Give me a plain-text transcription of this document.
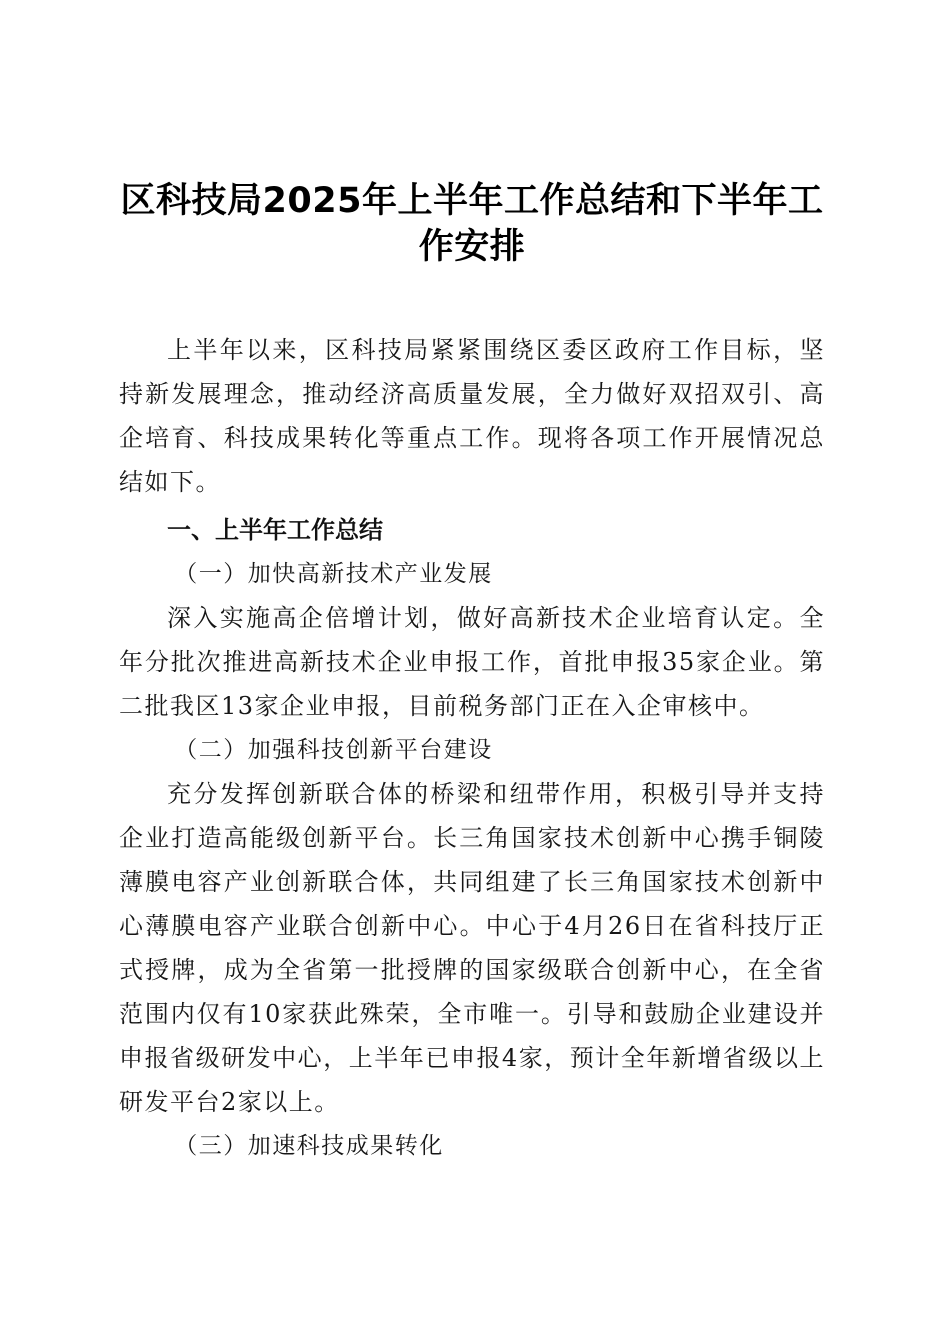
区科技局2025年上半年工作总结和下半年工作安排

上半年以来，区科技局紧紧围绕区委区政府工作目标，坚持新发展理念，推动经济高质量发展，全力做好双招双引、高企培育、科技成果转化等重点工作。现将各项工作开展情况总结如下。

一、上半年工作总结

（一）加快高新技术产业发展

深入实施高企倍增计划，做好高新技术企业培育认定。全年分批次推进高新技术企业申报工作，首批申报35家企业。第二批我区13家企业申报，目前税务部门正在入企审核中。

（二）加强科技创新平台建设

充分发挥创新联合体的桥梁和纽带作用，积极引导并支持企业打造高能级创新平台。长三角国家技术创新中心携手铜陵薄膜电容产业创新联合体，共同组建了长三角国家技术创新中心薄膜电容产业联合创新中心。中心于4月26日在省科技厅正式授牌，成为全省第一批授牌的国家级联合创新中心，在全省范围内仅有10家获此殊荣，全市唯一。引导和鼓励企业建设并申报省级研发中心，上半年已申报4家，预计全年新增省级以上研发平台2家以上。

（三）加速科技成果转化
